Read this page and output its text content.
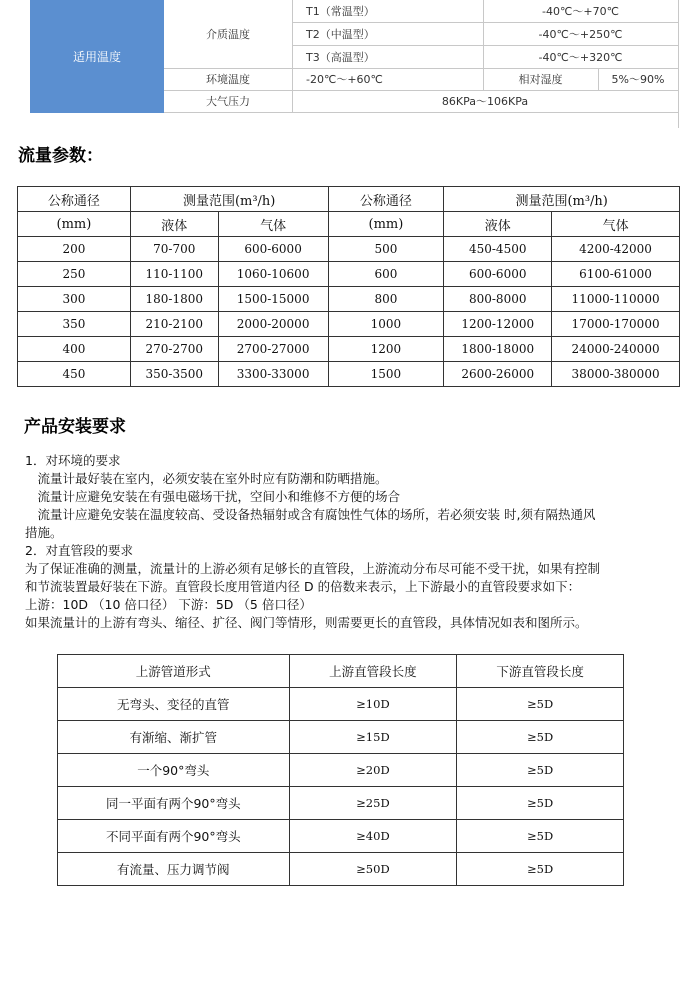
适用温度
介质温度
T1（常温型）	-40℃～+70℃
T2（中温型）	-40℃～+250℃
T3（高温型）	-40℃～+320℃
环境温度	-20℃～+60℃	相对湿度	5%～90%
大气压力	86KPa～106KPa
流量参数：
公称通径	测量范围(m³/h)		公称通径	测量范围(m³/h)	
(mm)	液体	气体	(mm)	液体	气体
200	70-700	600-6000	500	450-4500	4200-42000
250	110-1100	1060-10600	600	600-6000	6100-61000
300	180-1800	1500-15000	800	800-8000	11000-110000
350	210-2100	2000-20000	1000	1200-12000	17000-170000
400	270-2700	2700-27000	1200	1800-18000	24000-240000
450	350-3500	3300-33000	1500	2600-26000	38000-380000
产品安装要求

1．对环境的要求

　流量计最好装在室内，必须安装在室外时应有防潮和防晒措施。

　流量计应避免安装在有强电磁场干扰，空间小和维修不方便的场合

　流量计应避免安装在温度较高、受设备热辐射或含有腐蚀性气体的场所，若必须安装 时,须有隔热通风

措施。

2．对直管段的要求

为了保证准确的测量，流量计的上游必须有足够长的直管段，上游流动分布尽可能不受干扰，如果有控制

和节流装置最好装在下游。直管段长度用管道内径 D 的倍数来表示，上下游最小的直管段要求如下：

上游：10D （10 倍口径） 下游：5D （5 倍口径）

如果流量计的上游有弯头、缩径、扩径、阀门等情形，则需要更长的直管段，具体情况如表和图所示。

上游管道形式	上游直管段长度	下游直管段长度
无弯头、变径的直管	≥10D	≥5D
有渐缩、渐扩管	≥15D	≥5D
一个90°弯头	≥20D	≥5D
同一平面有两个90°弯头	≥25D	≥5D
不同平面有两个90°弯头	≥40D	≥5D
有流量、压力调节阀	≥50D	≥5D
